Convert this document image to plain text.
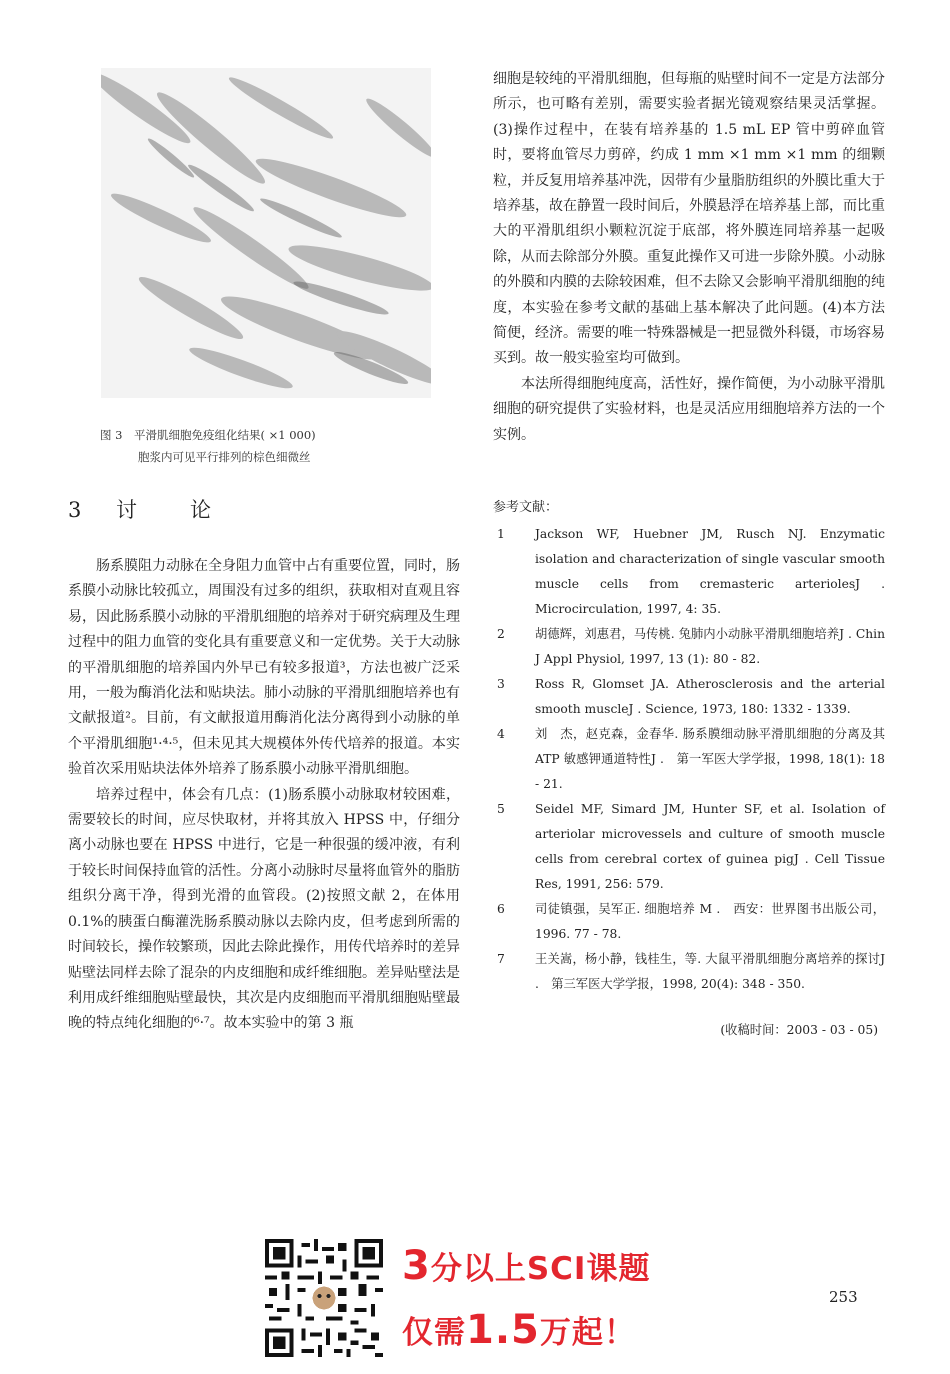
图 3　平滑肌细胞免疫组化结果( ×1 000)
胞浆内可见平行排列的棕色细微丝
3 讨 论

肠系膜阻力动脉在全身阻力血管中占有重要位置，同时，肠系膜小动脉比较孤立，周围没有过多的组织，获取相对直观且容易，因此肠系膜小动脉的平滑肌细胞的培养对于研究病理及生理过程中的阻力血管的变化具有重要意义和一定优势。关于大动脉的平滑肌细胞的培养国内外早已有较多报道³，方法也被广泛采用，一般为酶消化法和贴块法。肺小动脉的平滑肌细胞培养也有文献报道²。目前，有文献报道用酶消化法分离得到小动脉的单个平滑肌细胞¹·⁴·⁵，但未见其大规模体外传代培养的报道。本实验首次采用贴块法体外培养了肠系膜小动脉平滑肌细胞。

培养过程中，体会有几点：(1)肠系膜小动脉取材较困难，需要较长的时间，应尽快取材，并将其放入 HPSS 中，仔细分离小动脉也要在 HPSS 中进行，它是一种很强的缓冲液，有利于较长时间保持血管的活性。分离小动脉时尽量将血管外的脂肪组织分离干净，得到光滑的血管段。(2)按照文献 2，在体用 0.1%的胰蛋白酶灌洗肠系膜动脉以去除内皮，但考虑到所需的时间较长，操作较繁琐，因此去除此操作，用传代培养时的差异贴壁法同样去除了混杂的内皮细胞和成纤维细胞。差异贴壁法是利用成纤维细胞贴壁最快，其次是内皮细胞而平滑肌细胞贴壁最晚的特点纯化细胞的⁶·⁷。故本实验中的第 3 瓶

细胞是较纯的平滑肌细胞，但每瓶的贴壁时间不一定是方法部分所示，也可略有差别，需要实验者据光镜观察结果灵活掌握。(3)操作过程中，在装有培养基的 1.5 mL EP 管中剪碎血管时，要将血管尽力剪碎，约成 1 mm ×1 mm ×1 mm 的细颗粒，并反复用培养基冲洗，因带有少量脂肪组织的外膜比重大于培养基，故在静置一段时间后，外膜悬浮在培养基上部，而比重大的平滑肌组织小颗粒沉淀于底部，将外膜连同培养基一起吸除，从而去除部分外膜。重复此操作又可进一步除外膜。小动脉的外膜和内膜的去除较困难，但不去除又会影响平滑肌细胞的纯度，本实验在参考文献的基础上基本解决了此问题。(4)本方法简便，经济。需要的唯一特殊器械是一把显微外科镊，市场容易买到。故一般实验室均可做到。

本法所得细胞纯度高，活性好，操作简便，为小动脉平滑肌细胞的研究提供了实验材料，也是灵活应用细胞培养方法的一个实例。

参考文献：
1 Jackson WF, Huebner JM, Rusch NJ. Enzymatic isolation and characterization of single vascular smooth muscle cells from cremasteric arteriolesJ . Microcirculation, 1997, 4: 35.
2 胡德辉，刘惠君，马传桃. 兔肺内小动脉平滑肌细胞培养J . Chin J Appl Physiol, 1997, 13 (1): 80 - 82.
3 Ross R, Glomset JA. Atherosclerosis and the arterial smooth muscleJ . Science, 1973, 180: 1332 - 1339.
4 刘　杰，赵克森，金春华. 肠系膜细动脉平滑肌细胞的分离及其 ATP 敏感钾通道特性J .　第一军医大学学报，1998, 18(1): 18 - 21.
5 Seidel MF, Simard JM, Hunter SF, et al. Isolation of arteriolar microvessels and culture of smooth muscle cells from cerebral cortex of guinea pigJ . Cell Tissue Res, 1991, 256: 579.
6 司徒镇强，吴军正. 细胞培养 M .　西安：世界图书出版公司，1996. 77 - 78.
7 王关嵩，杨小静，钱桂生，等. 大鼠平滑肌细胞分离培养的探讨J .　第三军医大学学报，1998, 20(4): 348 - 350.
(收稿时间：2003 - 03 - 05)
253
3分以上SCI课题
仅需1.5万起！
